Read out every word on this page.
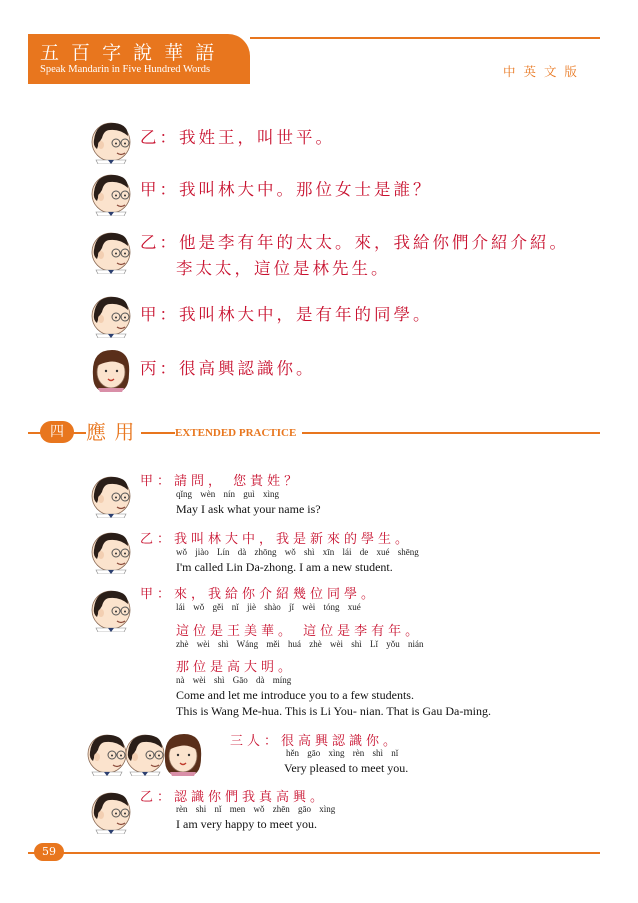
五 百 字 說 華 語
Speak Mandarin in Five Hundred Words	中 英 文 版
乙：我姓王，叫世平。
甲：我叫林大中。那位女士是誰？
乙：他是李有年的太太。來，我給你們介紹介紹。
李太太，這位是林先生。
甲：我叫林大中，是有年的同學。
丙：很高興認識你。
四	應 用	EXTENDED PRACTICE
甲：請問， 您貴姓？
qǐng wèn nín guì xìng
May I ask what your name is?
乙：我叫林大中，我是新來的學生。
wǒ jiào Lín dà zhōng wǒ shì xīn lái de xué shēng
I'm called Lin Da-zhong. I am a new student.
甲：來，我給你介紹幾位同學。
lái wǒ gěi nǐ jiè shào jǐ wèi tóng xué
這位是王美華。 這位是李有年。
zhè wèi shì Wáng měi huá zhè wèi shì Lǐ yǒu nián
那位是高大明。
nà wèi shì Gāo dà míng
Come and let me introduce you to a few students.
This is Wang Me-hua. This is Li You- nian. That is Gau Da-ming.
三人：很高興認識你。
hěn gāo xìng rèn shì nǐ
Very pleased to meet you.
乙：認識你們我真高興。
rèn shi nǐ men wǒ zhēn gāo xìng
I am very happy to meet you.
59
